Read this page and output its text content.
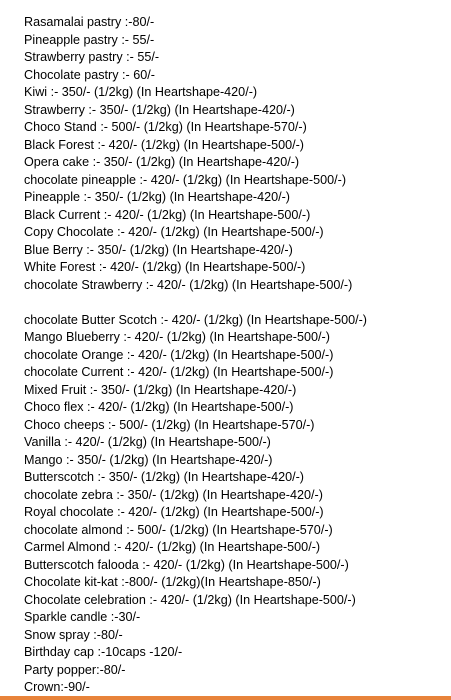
Rasamalai pastry :-80/-
Pineapple pastry :- 55/-
Strawberry pastry :- 55/-
Chocolate pastry :- 60/-
Kiwi :- 350/- (1/2kg) (In Heartshape-420/-)
Strawberry :- 350/- (1/2kg) (In Heartshape-420/-)
Choco Stand :- 500/- (1/2kg) (In Heartshape-570/-)
Black Forest :- 420/- (1/2kg) (In Heartshape-500/-)
Opera cake :- 350/- (1/2kg) (In Heartshape-420/-)
chocolate pineapple :- 420/- (1/2kg) (In Heartshape-500/-)
Pineapple :- 350/- (1/2kg) (In Heartshape-420/-)
Black Current :- 420/- (1/2kg) (In Heartshape-500/-)
Copy Chocolate :- 420/- (1/2kg) (In Heartshape-500/-)
Blue Berry :- 350/- (1/2kg) (In Heartshape-420/-)
White Forest :- 420/- (1/2kg) (In Heartshape-500/-)
chocolate Strawberry :- 420/- (1/2kg) (In Heartshape-500/-)
chocolate Butter Scotch :- 420/- (1/2kg) (In Heartshape-500/-)
Mango Blueberry :- 420/- (1/2kg) (In Heartshape-500/-)
chocolate Orange :- 420/- (1/2kg) (In Heartshape-500/-)
chocolate Current :- 420/- (1/2kg) (In Heartshape-500/-)
Mixed Fruit :- 350/- (1/2kg) (In Heartshape-420/-)
Choco flex :- 420/- (1/2kg) (In Heartshape-500/-)
Choco cheeps :- 500/- (1/2kg) (In Heartshape-570/-)
Vanilla :- 420/- (1/2kg) (In Heartshape-500/-)
Mango :- 350/- (1/2kg) (In Heartshape-420/-)
Butterscotch :- 350/- (1/2kg) (In Heartshape-420/-)
chocolate zebra :- 350/- (1/2kg) (In Heartshape-420/-)
Royal chocolate :- 420/- (1/2kg) (In Heartshape-500/-)
chocolate almond :- 500/- (1/2kg) (In Heartshape-570/-)
Carmel Almond :- 420/- (1/2kg) (In Heartshape-500/-)
Butterscotch falooda :- 420/- (1/2kg) (In Heartshape-500/-)
Chocolate kit-kat :-800/- (1/2kg)(In Heartshape-850/-)
Chocolate celebration :- 420/- (1/2kg) (In Heartshape-500/-)
Sparkle candle :-30/-
Snow spray :-80/-
Birthday cap :-10caps -120/-
Party popper:-80/-
Crown:-90/-
